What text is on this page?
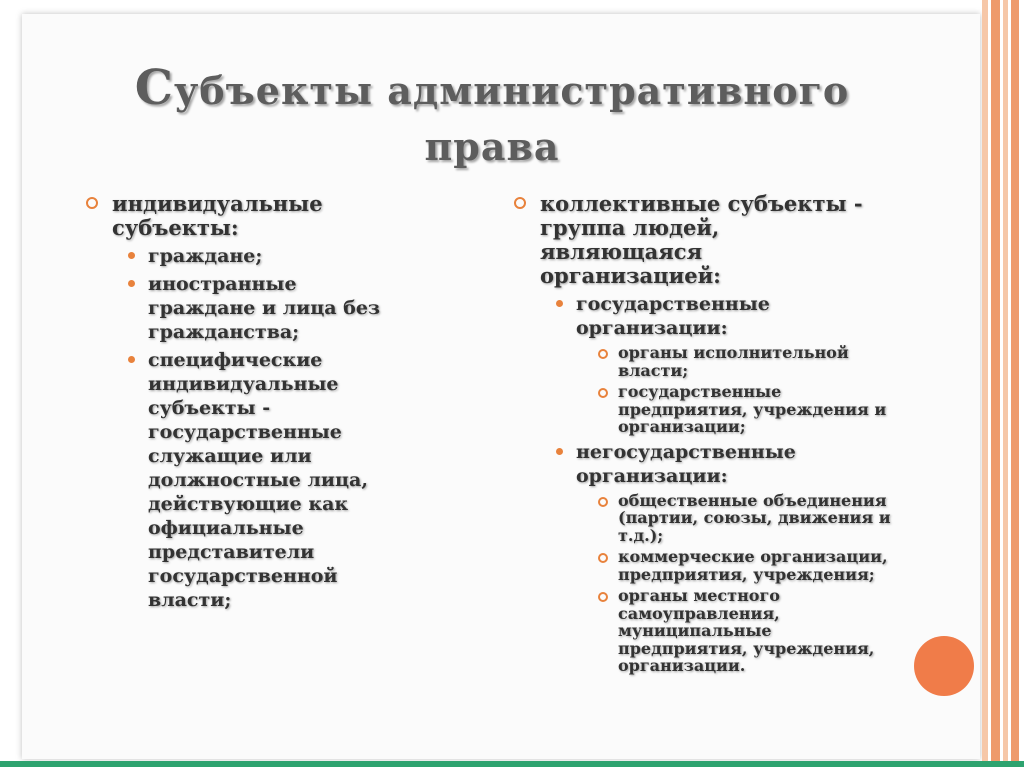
Субъекты административного
права
индивидуальные
субъекты:
граждане;
иностранные
граждане и лица без
гражданства;
специфические
индивидуальные
субъекты -
государственные
служащие или
должностные лица,
действующие как
официальные
представители
государственной
власти;
коллективные субъекты -
группа людей,
являющаяся
организацией:
государственные
организации:
органы исполнительной
власти;
государственные
предприятия, учреждения и
организации;
негосударственные
организации:
общественные объединения
(партии, союзы, движения и
т.д.);
коммерческие организации,
предприятия, учреждения;
органы местного
самоуправления,
муниципальные
предприятия, учреждения,
организации.
